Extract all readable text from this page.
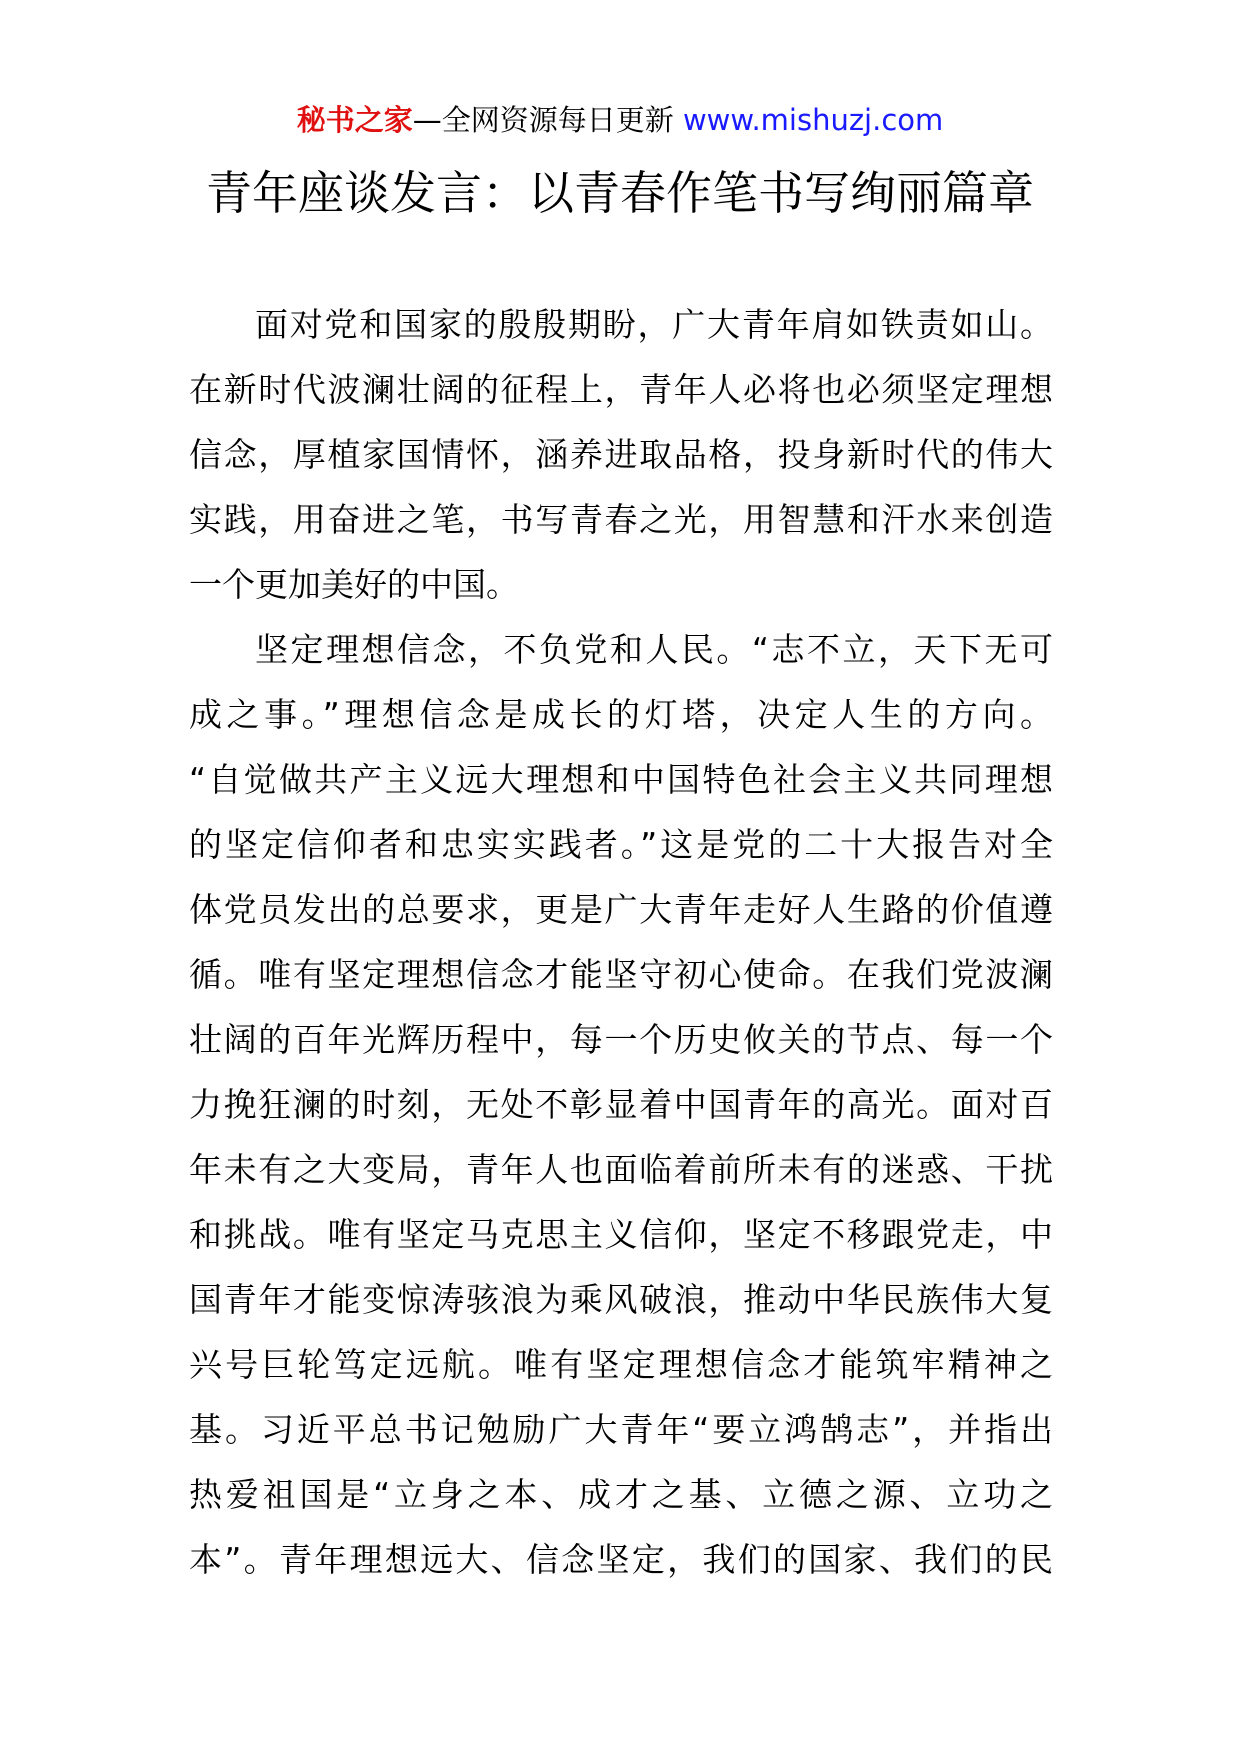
秘书之家—全网资源每日更新 www.mishuzj.com
青年座谈发言：以青春作笔书写绚丽篇章
面对党和国家的殷殷期盼，广大青年肩如铁责如山。
在新时代波澜壮阔的征程上，青年人必将也必须坚定理想
信念，厚植家国情怀，涵养进取品格，投身新时代的伟大
实践，用奋进之笔，书写青春之光，用智慧和汗水来创造
一个更加美好的中国。
坚定理想信念，不负党和人民。“志不立，天下无可
成之事。”理想信念是成长的灯塔，决定人生的方向。
“自觉做共产主义远大理想和中国特色社会主义共同理想
的坚定信仰者和忠实实践者。”这是党的二十大报告对全
体党员发出的总要求，更是广大青年走好人生路的价值遵
循。唯有坚定理想信念才能坚守初心使命。在我们党波澜
壮阔的百年光辉历程中，每一个历史攸关的节点、每一个
力挽狂澜的时刻，无处不彰显着中国青年的高光。面对百
年未有之大变局，青年人也面临着前所未有的迷惑、干扰
和挑战。唯有坚定马克思主义信仰，坚定不移跟党走，中
国青年才能变惊涛骇浪为乘风破浪，推动中华民族伟大复
兴号巨轮笃定远航。唯有坚定理想信念才能筑牢精神之
基。习近平总书记勉励广大青年“要立鸿鹄志”，并指出
热爱祖国是“立身之本、成才之基、立德之源、立功之
本”。青年理想远大、信念坚定，我们的国家、我们的民
